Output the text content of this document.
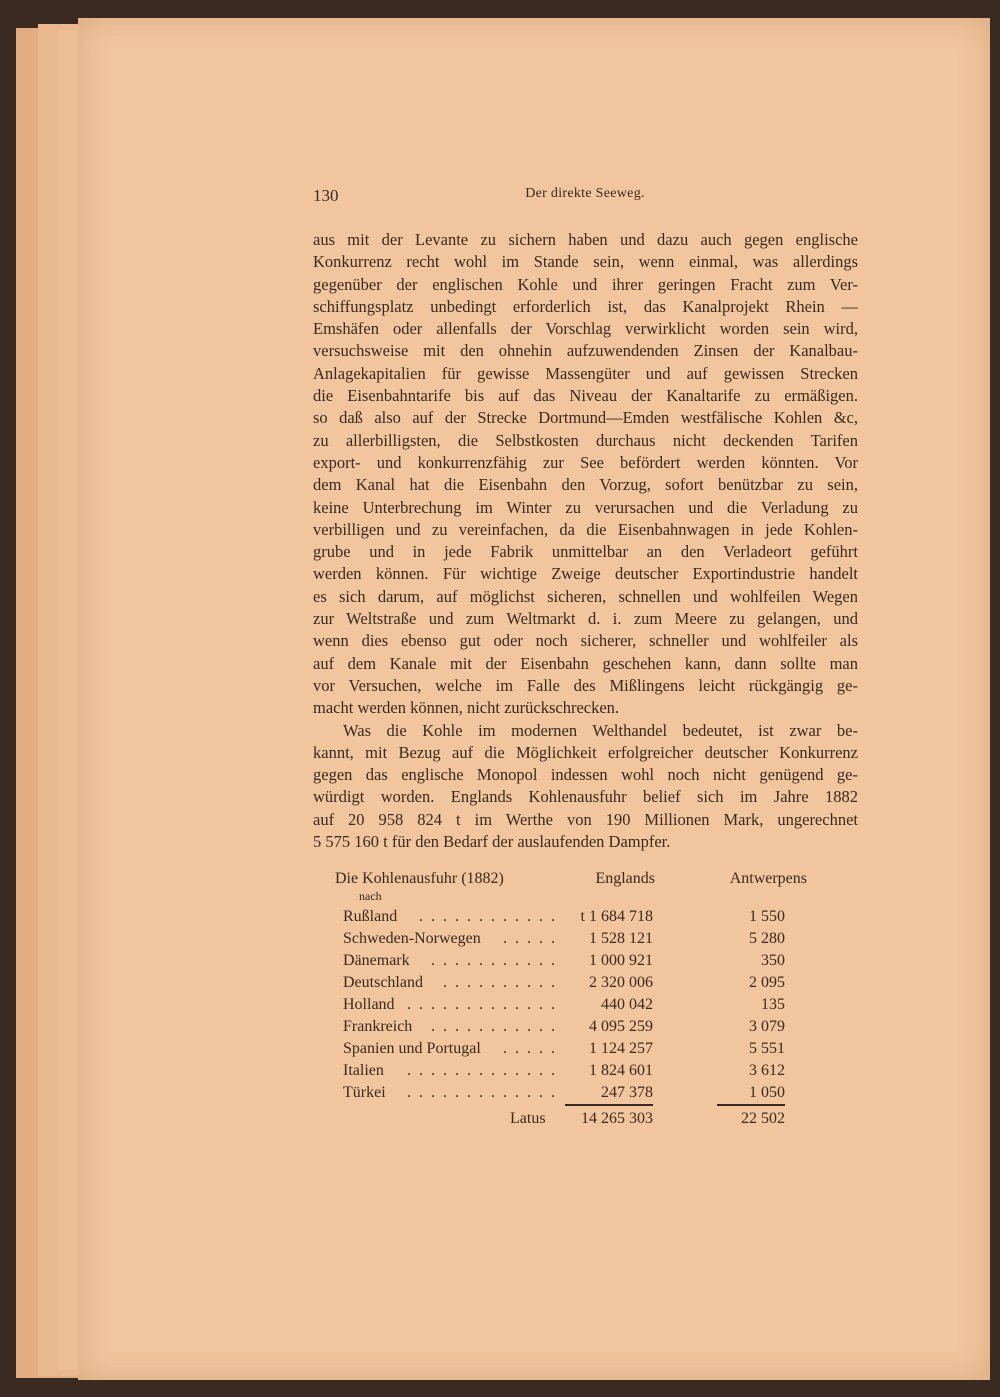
130	Der direkte Seeweg.
aus mit der Levante zu sichern haben und dazu auch gegen englische
Konkurrenz recht wohl im Stande sein, wenn einmal, was allerdings
gegenüber der englischen Kohle und ihrer geringen Fracht zum Ver-
schiffungsplatz unbedingt erforderlich ist, das Kanalprojekt Rhein —
Emshäfen oder allenfalls der Vorschlag verwirklicht worden sein wird,
versuchsweise mit den ohnehin aufzuwendenden Zinsen der Kanalbau-
Anlagekapitalien für gewisse Massengüter und auf gewissen Strecken
die Eisenbahntarife bis auf das Niveau der Kanaltarife zu ermäßigen.
so daß also auf der Strecke Dortmund—Emden westfälische Kohlen &c,
zu allerbilligsten, die Selbstkosten durchaus nicht deckenden Tarifen
export- und konkurrenzfähig zur See befördert werden könnten. Vor
dem Kanal hat die Eisenbahn den Vorzug, sofort benützbar zu sein,
keine Unterbrechung im Winter zu verursachen und die Verladung zu
verbilligen und zu vereinfachen, da die Eisenbahnwagen in jede Kohlen-
grube und in jede Fabrik unmittelbar an den Verladeort geführt
werden können. Für wichtige Zweige deutscher Exportindustrie handelt
es sich darum, auf möglichst sicheren, schnellen und wohlfeilen Wegen
zur Weltstraße und zum Weltmarkt d. i. zum Meere zu gelangen, und
wenn dies ebenso gut oder noch sicherer, schneller und wohlfeiler als
auf dem Kanale mit der Eisenbahn geschehen kann, dann sollte man
vor Versuchen, welche im Falle des Mißlingens leicht rückgängig ge-
macht werden können, nicht zurückschrecken.
Was die Kohle im modernen Welthandel bedeutet, ist zwar be-
kannt, mit Bezug auf die Möglichkeit erfolgreicher deutscher Konkurrenz
gegen das englische Monopol indessen wohl noch nicht genügend ge-
würdigt worden. Englands Kohlenausfuhr belief sich im Jahre 1882
auf 20 958 824 t im Werthe von 190 Millionen Mark, ungerechnet
5 575 160 t für den Bedarf der auslaufenden Dampfer.
Die Kohlenausfuhr (1882)	Englands	Antwerpens
nach
Rußland . . . . . . . . . . . . t 1 684 718	1 550
Schweden-Norwegen . . . . . 1 528 121	5 280
Dänemark . . . . . . . . . . . 1 000 921	350
Deutschland . . . . . . . . . . 2 320 006	2 095
Holland . . . . . . . . . . . . .	440 042	135
Frankreich . . . . . . . . . . . 4 095 259	3 079
Spanien und Portugal . . . . . 1 124 257	5 551
Italien . . . . . . . . . . . . . 1 824 601	3 612
Türkei . . . . . . . . . . . . .	247 378	1 050
Latus 14 265 303	22 502
